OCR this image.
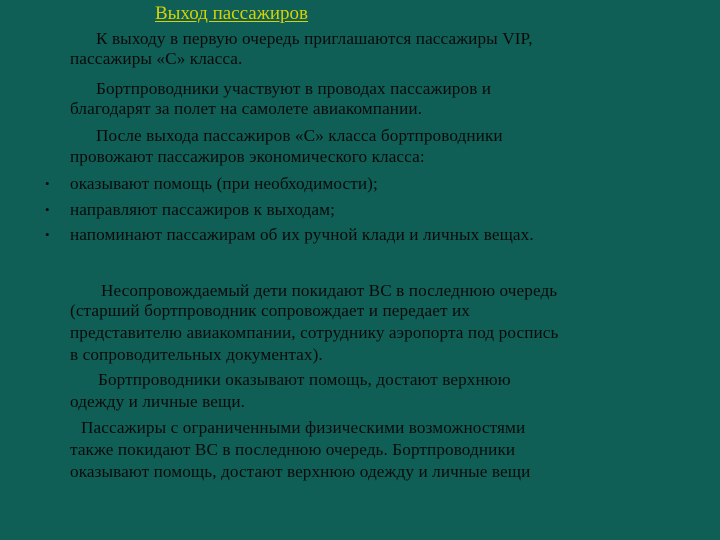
Выход пассажиров
К выходу в первую очередь приглашаются пассажиры VIP,
пассажиры «С» класса.
Бортпроводники участвуют в проводах пассажиров и
благодарят за полет на самолете авиакомпании.
После выхода пассажиров «С» класса бортпроводники
провожают пассажиров экономического класса:
•	оказывают помощь (при необходимости);
•	направляют пассажиров к выходам;
•	напоминают пассажирам об их ручной клади и личных вещах.
Несопровождаемый дети покидают ВС в последнюю очередь
(старший бортпроводник сопровождает и передает их
представителю авиакомпании, сотруднику аэропорта под роспись
в сопроводительных документах).
Бортпроводники оказывают помощь, достают верхнюю
одежду и личные вещи.
Пассажиры с ограниченными физическими возможностями
также покидают ВС в последнюю очередь. Бортпроводники
оказывают помощь, достают верхнюю одежду и личные вещи
